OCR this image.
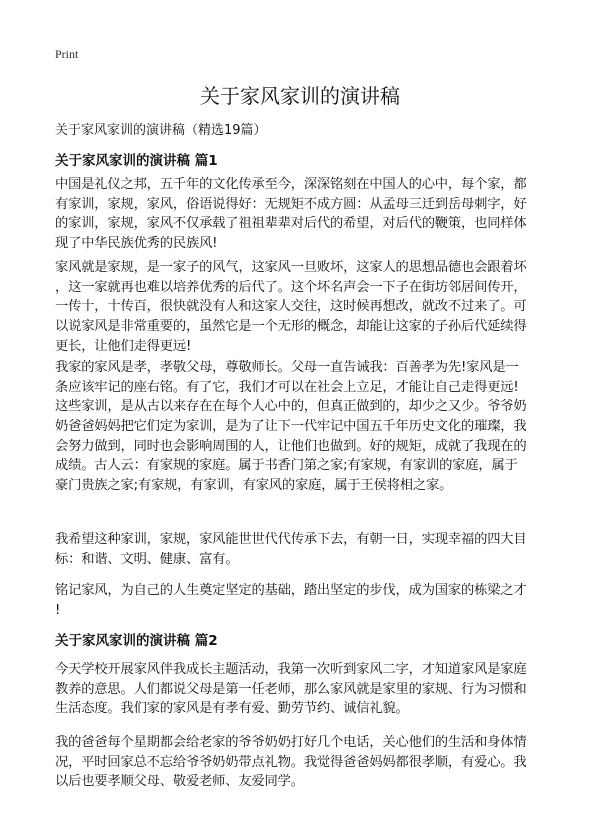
Print
关于家风家训的演讲稿
关于家风家训的演讲稿（精选19篇）
关于家风家训的演讲稿 篇1
中国是礼仪之邦，五千年的文化传承至今，深深铭刻在中国人的心中，每个家，都
有家训，家规，家风，俗语说得好：无规矩不成方圆：从孟母三迁到岳母刺字，好
的家训，家规，家风不仅承载了祖祖辈辈对后代的希望，对后代的鞭策，也同样体
现了中华民族优秀的民族风!
家风就是家规，是一家子的风气，这家风一旦败坏，这家人的思想品德也会跟着坏
，这一家就再也难以培养优秀的后代了。这个坏名声会一下子在街坊邻居间传开，
一传十，十传百，很快就没有人和这家人交往，这时候再想改，就改不过来了。可
以说家风是非常重要的，虽然它是一个无形的概念，却能让这家的子孙后代延续得
更长，让他们走得更远!
我家的家风是孝，孝敬父母，尊敬师长。父母一直告诫我：百善孝为先!家风是一
条应该牢记的座右铭。有了它，我们才可以在社会上立足，才能让自己走得更远!
这些家训，是从古以来存在在每个人心中的，但真正做到的，却少之又少。爷爷奶
奶爸爸妈妈把它们定为家训，是为了让下一代牢记中国五千年历史文化的璀璨，我
会努力做到，同时也会影响周围的人，让他们也做到。好的规矩，成就了我现在的
成绩。古人云：有家规的家庭。属于书香门第之家;有家规，有家训的家庭，属于
豪门贵族之家;有家规，有家训，有家风的家庭，属于王侯将相之家。
我希望这种家训，家规，家风能世世代代传承下去，有朝一日，实现幸福的四大目
标：和谐、文明、健康、富有。
铭记家风，为自己的人生奠定坚定的基础，踏出坚定的步伐，成为国家的栋梁之才
!
关于家风家训的演讲稿 篇2
今天学校开展家风伴我成长主题活动，我第一次听到家风二字，才知道家风是家庭
教养的意思。人们都说父母是第一任老师，那么家风就是家里的家规、行为习惯和
生活态度。我们家的家风是有孝有爱、勤劳节约、诚信礼貌。
我的爸爸每个星期都会给老家的爷爷奶奶打好几个电话，关心他们的生活和身体情
况，平时回家总不忘给爷爷奶奶带点礼物。我觉得爸爸妈妈都很孝顺，有爱心。我
以后也要孝顺父母、敬爱老师、友爱同学。
